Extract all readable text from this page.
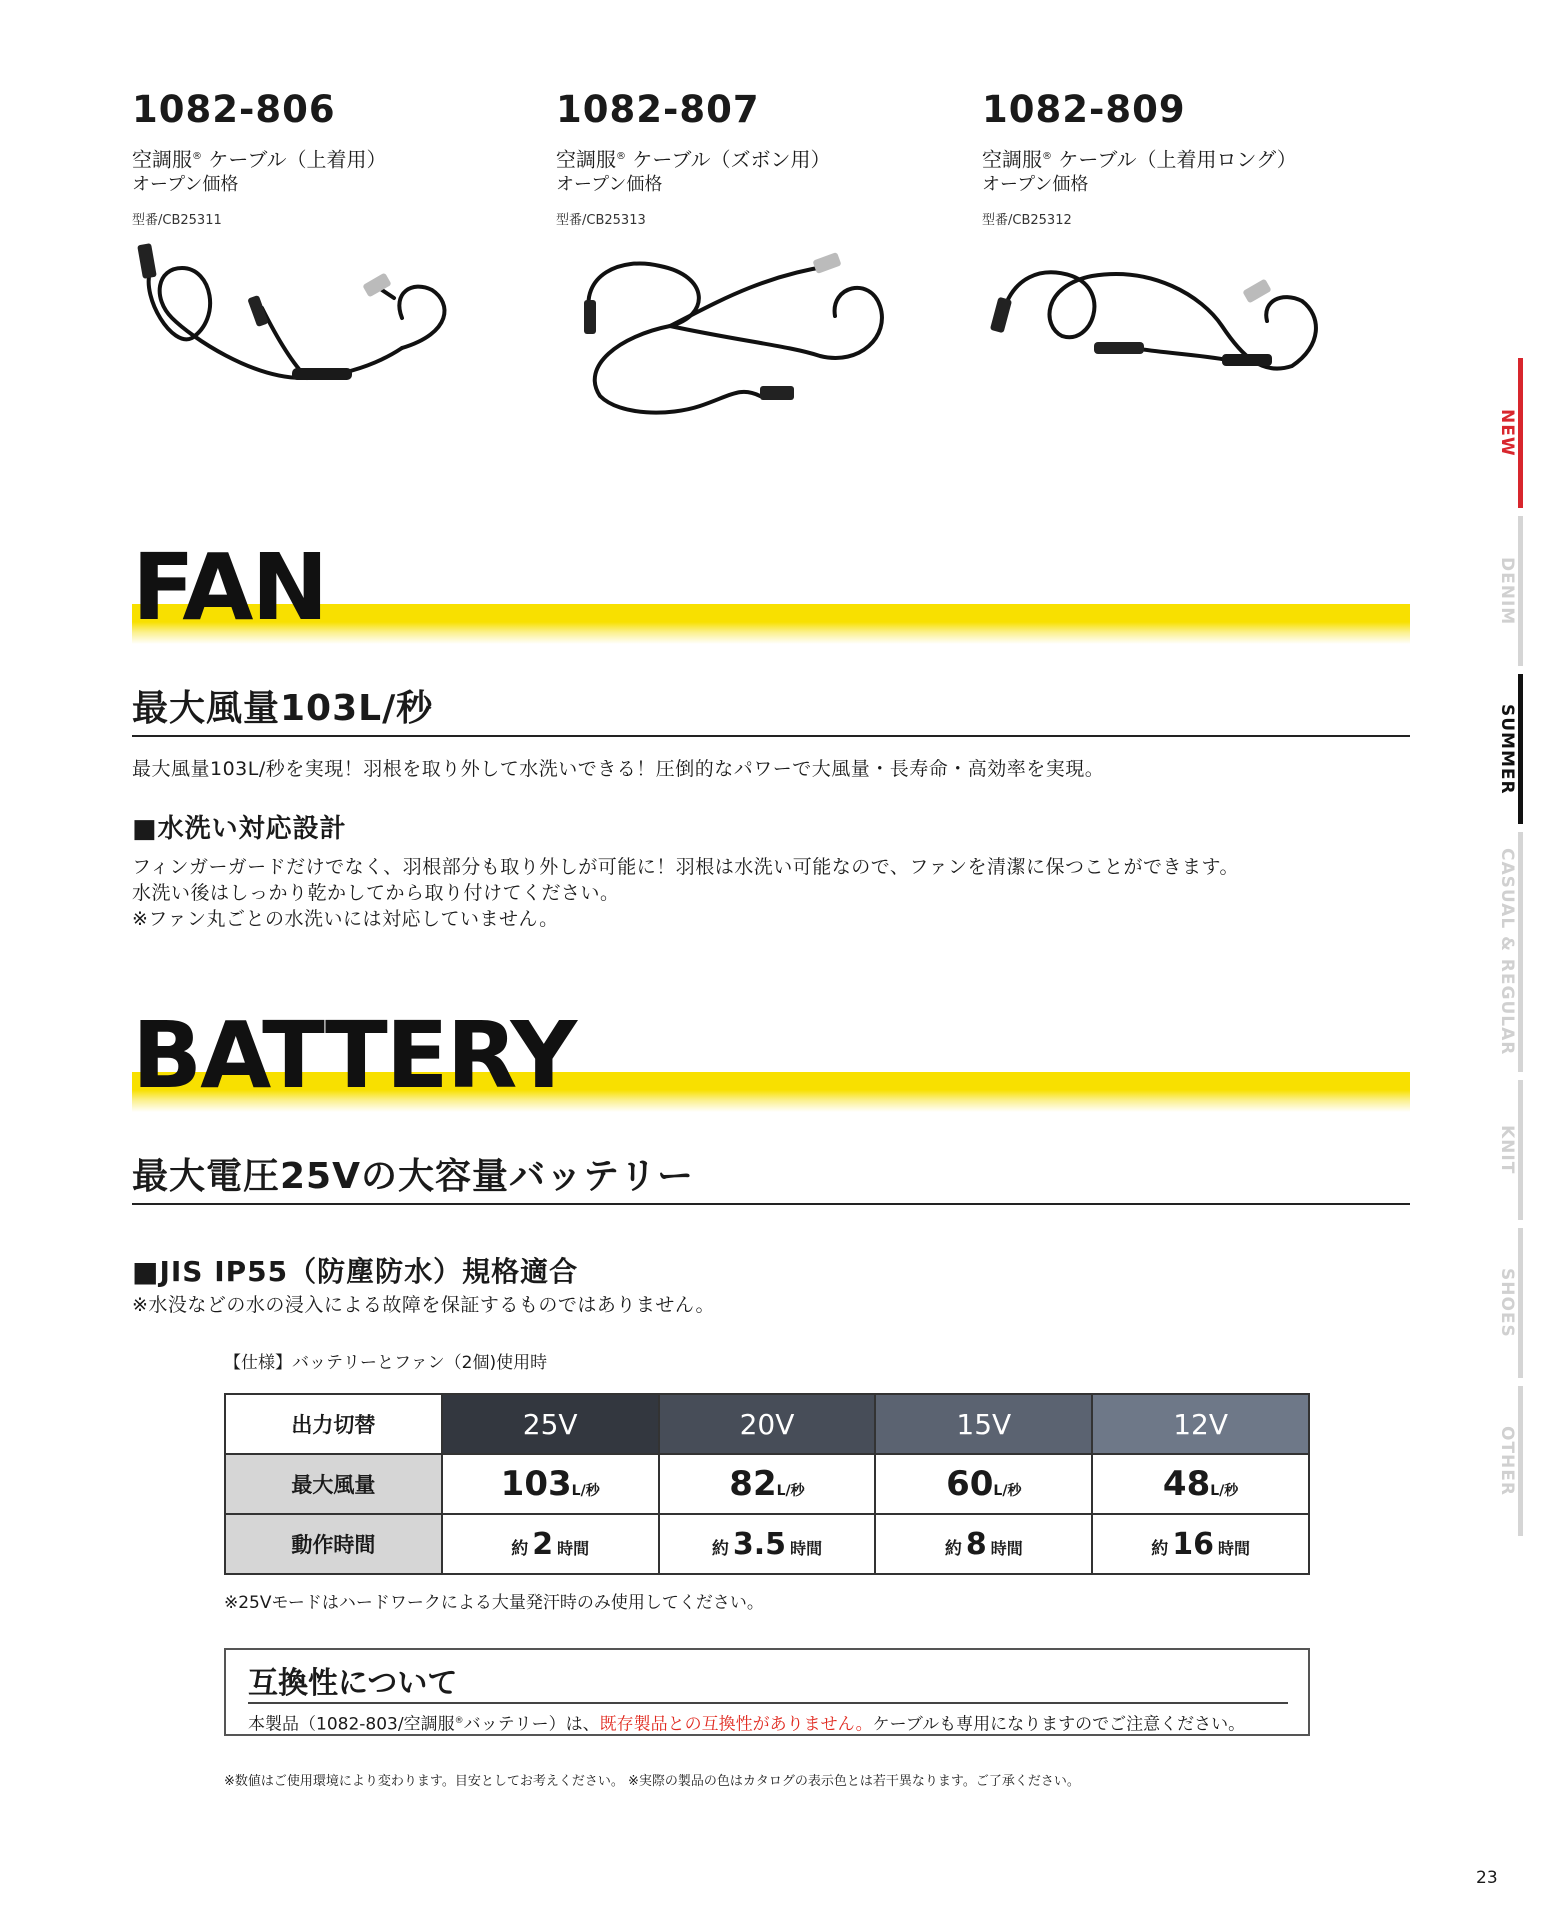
1082-806
空調服® ケーブル（上着用）
オープン価格
型番/CB25311
1082-807
空調服® ケーブル（ズボン用）
オープン価格
型番/CB25313
1082-809
空調服® ケーブル（上着用ロング）
オープン価格
型番/CB25312
FAN
最大風量103L/秒
最大風量103L/秒を実現！羽根を取り外して水洗いできる！圧倒的なパワーで大風量・長寿命・高効率を実現。
■水洗い対応設計
フィンガーガードだけでなく、羽根部分も取り外しが可能に！羽根は水洗い可能なので、ファンを清潔に保つことができます。
水洗い後はしっかり乾かしてから取り付けてください。
※ファン丸ごとの水洗いには対応していません。
BATTERY
最大電圧25Vの大容量バッテリー
■JIS IP55（防塵防水）規格適合
※水没などの水の浸入による故障を保証するものではありません。
【仕様】バッテリーとファン（2個)使用時
出力切替	25V	20V	15V	12V
最大風量	103L/秒	82L/秒	60L/秒	48L/秒
動作時間	約 2 時間	約 3.5 時間	約 8 時間	約 16 時間
※25Vモードはハードワークによる大量発汗時のみ使用してください。
互換性について
本製品（1082-803/空調服®バッテリー）は、既存製品との互換性がありません。ケーブルも専用になりますのでご注意ください。
※数値はご使用環境により変わります。目安としてお考えください。 ※実際の製品の色はカタログの表示色とは若干異なります。ご了承ください。
NEW
DENIM
SUMMER
CASUAL & REGULAR
KNIT
SHOES
OTHER
23
